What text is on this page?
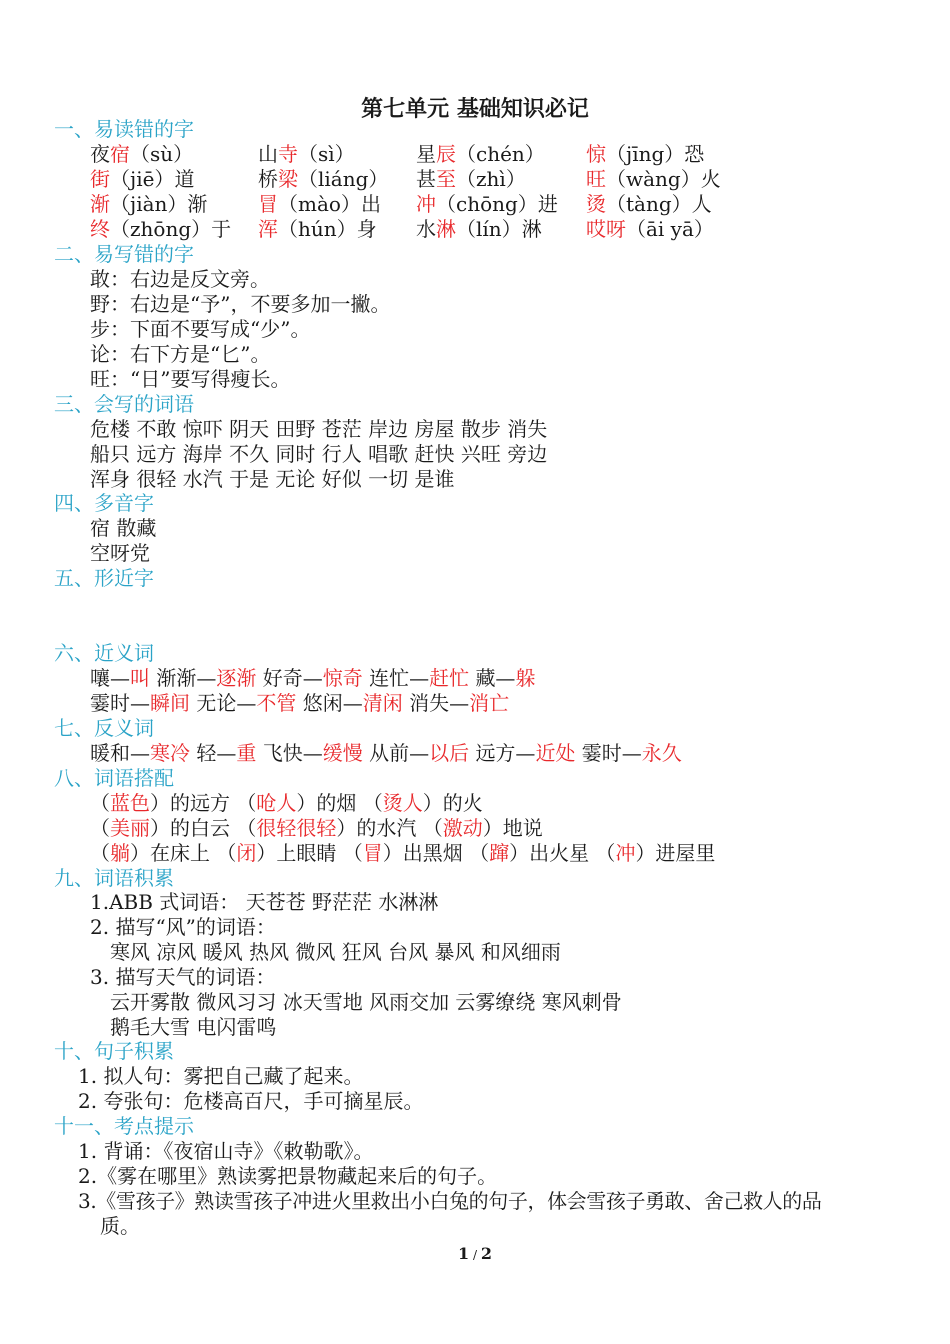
第七单元 基础知识必记
一、易读错的字
夜宿（sù）	山寺（sì）	星辰（chén） 惊（jīng）恐
街（jiē）道	桥梁（liáng） 甚至（zhì）	旺（wàng）火
渐（jiàn）渐	冒（mào）出 冲（chōng）进 烫（tàng）人
终（zhōng）于 浑（hún）身 水淋（lín）淋 哎呀（āi yā）
二、易写错的字
敢：右边是反文旁。
野：右边是“予”，不要多加一撇。
步：下面不要写成“少”。
论：右下方是“匕”。
旺：“日”要写得瘦长。
三、会写的词语
危楼 不敢 惊吓 阴天 田野 苍茫 岸边 房屋 散步 消失
船只 远方 海岸 不久 同时 行人 唱歌 赶快 兴旺 旁边
浑身 很轻 水汽 于是 无论 好似 一切 是谁
四、多音字
宿 散藏
空呀党
五、形近字
六、近义词
嚷—叫 渐渐—逐渐 好奇—惊奇 连忙—赶忙 藏—躲
霎时—瞬间 无论—不管 悠闲—清闲 消失—消亡
七、反义词
暖和—寒冷 轻—重 飞快—缓慢 从前—以后 远方—近处 霎时—永久
八、词语搭配
（蓝色）的远方 （呛人）的烟 （烫人）的火
（美丽）的白云 （很轻很轻）的水汽 （激动）地说
（躺）在床上 （闭）上眼睛 （冒）出黑烟 （蹿）出火星 （冲）进屋里
九、词语积累
1.ABB 式词语： 天苍苍 野茫茫 水淋淋
2. 描写“风”的词语：
寒风 凉风 暖风 热风 微风 狂风 台风 暴风 和风细雨
3. 描写天气的词语：
云开雾散 微风习习 冰天雪地 风雨交加 云雾缭绕 寒风刺骨
鹅毛大雪 电闪雷鸣
十、句子积累
1. 拟人句：雾把自己藏了起来。
2. 夸张句：危楼高百尺，手可摘星辰。
十一、考点提示
1. 背诵：《夜宿山寺》《敕勒歌》。
2.《雾在哪里》熟读雾把景物藏起来后的句子。
3.《雪孩子》熟读雪孩子冲进火里救出小白兔的句子，体会雪孩子勇敢、舍己救人的品
质。
1 / 2
